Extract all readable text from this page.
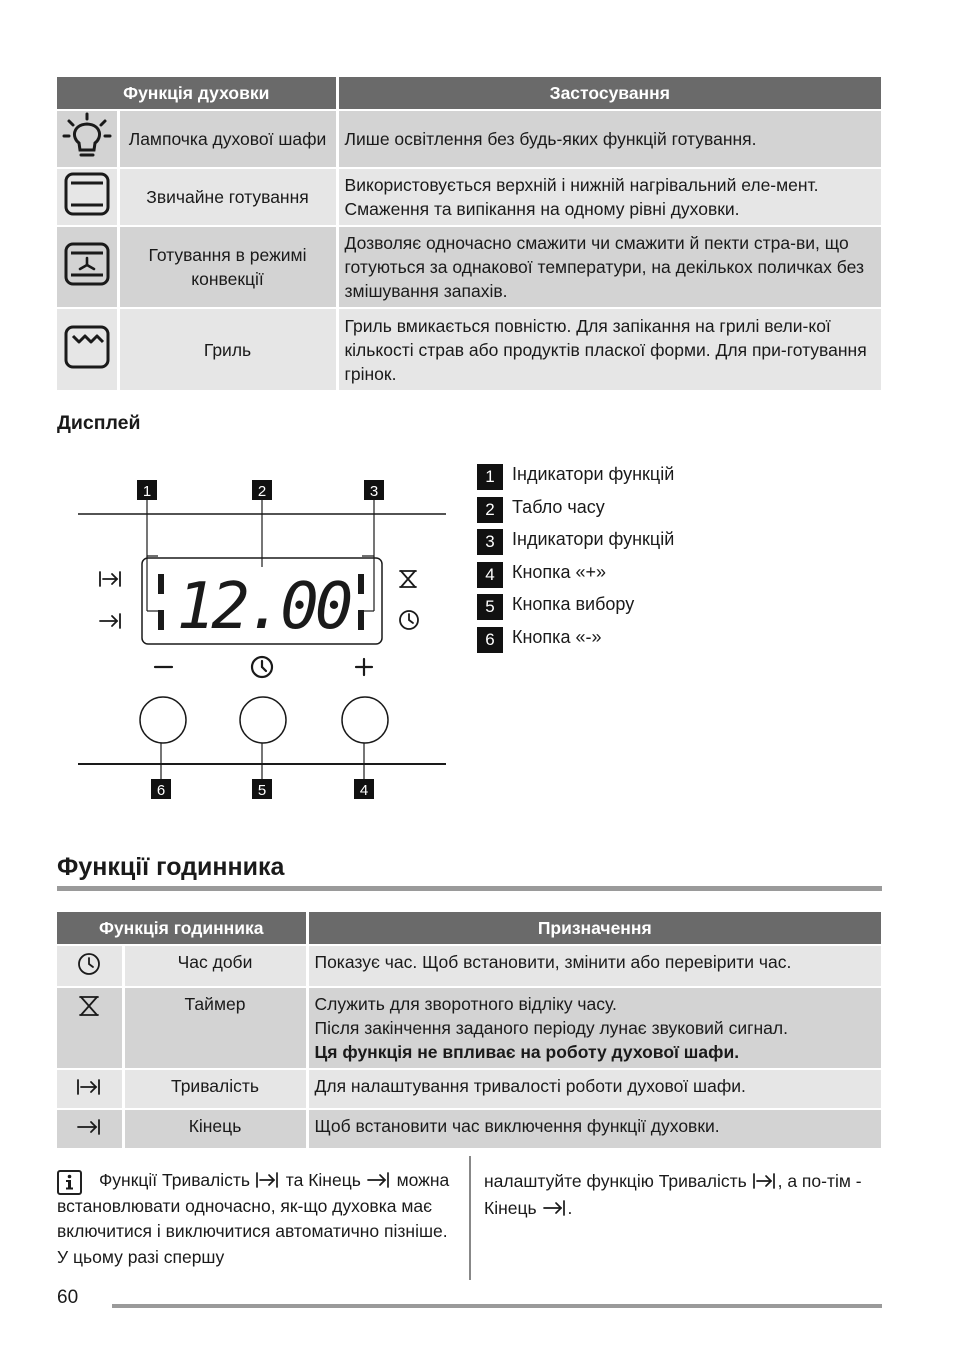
Функція духовки		Застосування
	Лампочка духової шафи	Лише освітлення без будь-яких функцій готування.
	Звичайне готування	Використовується верхній і нижній нагрівальний еле-мент. Смаження та випікання на одному рівні духовки.
	Готування в режимі конвекції	Дозволяє одночасно смажити чи смажити й пекти стра-ви, що готуються за однакової температури, на декількох поличках без змішування запахів.
	Гриль	Гриль вмикається повністю. Для запікання на грилі вели-кої кількості страв або продуктів пласкої форми. Для при-готування грінок.
Дисплей
1	2	3
6	5	4
12.00
1 Індикатори функцій
2 Табло часу
3 Індикатори функцій
4 Кнопка «+»
5 Кнопка вибору
6 Кнопка «-»
Функції годинника
Функція годинника		Призначення
	Час доби	Показує час. Щоб встановити, змінити або перевірити час.
	Таймер	Служить для зворотного відліку часу.
Після закінчення заданого періоду лунає звуковий сигнал.
Ця функція не впливає на роботу духової шафи.

	Тривалість	Для налаштування тривалості роботи духової шафи.
	Кінець	Щоб встановити час виключення функції духовки.
Функції Тривалість та Кінець можна встановлювати одночасно, як-що духовка має включитися і виключитися автоматично пізніше. У цьому разі спершу
налаштуйте функцію Тривалість , а по-тім - Кінець .
60
